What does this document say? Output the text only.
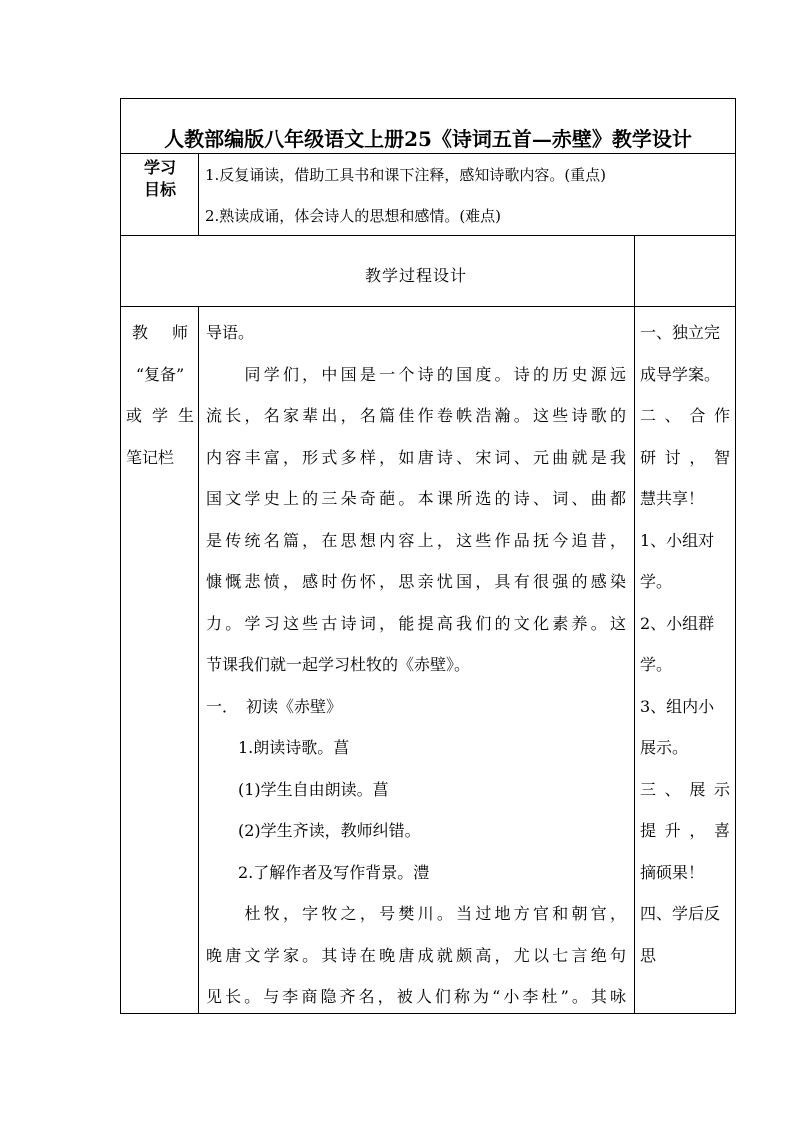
人教部编版八年级语文上册25《诗词五首—赤壁》教学设计
学习
目标
1.反复诵读，借助工具书和课下注释，感知诗歌内容。(重点)
2.熟读成诵，体会诗人的思想和感情。(难点)
教学过程设计
教　师
“复备”
或学生
笔记栏
导语。
　　同学们，中国是一个诗的国度。诗的历史源远
流长，名家辈出，名篇佳作卷帙浩瀚。这些诗歌的
内容丰富，形式多样，如唐诗、宋词、元曲就是我
国文学史上的三朵奇葩。本课所选的诗、词、曲都
是传统名篇，在思想内容上，这些作品抚今追昔，
慷慨悲愤，感时伤怀，思亲忧国，具有很强的感染
力。学习这些古诗词，能提高我们的文化素养。这
节课我们就一起学习杜牧的《赤壁》。
一．　初读《赤壁》
　　1.朗读诗歌。菖
　　(1)学生自由朗读。菖
　　(2)学生齐读，教师纠错。
　　2.了解作者及写作背景。澧
　　杜牧，字牧之，号樊川。当过地方官和朝官，
晚唐文学家。其诗在晚唐成就颇高，尤以七言绝句
见长。与李商隐齐名，被人们称为“小李杜”。其咏
一、独立完
成导学案。
二、合作
研讨，智
慧共享！
1、小组对
学。
2、小组群
学。
3、组内小
展示。
三、展示
提升，喜
摘硕果！
四、学后反
思
